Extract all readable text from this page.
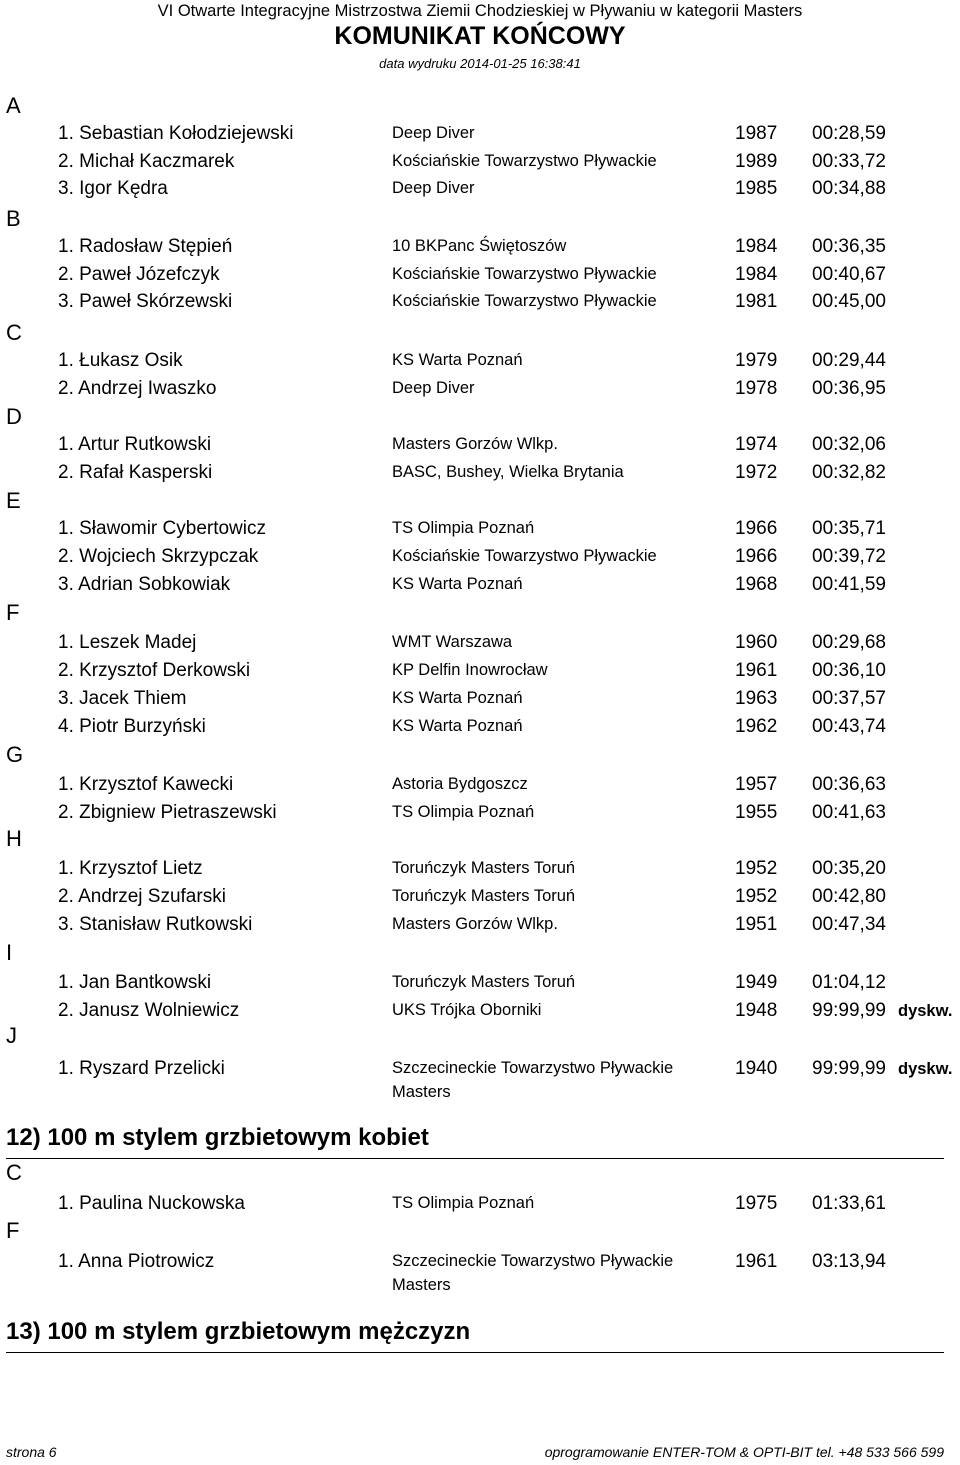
VI Otwarte Integracyjne Mistrzostwa Ziemii Chodzieskiej w Pływaniu w kategorii Masters
KOMUNIKAT KOŃCOWY
data wydruku 2014-01-25 16:38:41
A
1. Sebastian Kołodziejewski	Deep Diver	1987 00:28,59
2. Michał Kaczmarek	Kościańskie Towarzystwo Pływackie	1989 00:33,72
3. Igor Kędra	Deep Diver	1985 00:34,88
B
1. Radosław Stępień	10 BKPanc Świętoszów	1984 00:36,35
2. Paweł Józefczyk	Kościańskie Towarzystwo Pływackie	1984 00:40,67
3. Paweł Skórzewski	Kościańskie Towarzystwo Pływackie	1981 00:45,00
C
1. Łukasz Osik	KS Warta Poznań	1979 00:29,44
2. Andrzej Iwaszko	Deep Diver	1978 00:36,95
D
1. Artur Rutkowski	Masters Gorzów Wlkp.	1974 00:32,06
2. Rafał Kasperski	BASC, Bushey, Wielka Brytania	1972 00:32,82
E
1. Sławomir Cybertowicz	TS Olimpia Poznań	1966 00:35,71
2. Wojciech Skrzypczak	Kościańskie Towarzystwo Pływackie	1966 00:39,72
3. Adrian Sobkowiak	KS Warta Poznań	1968 00:41,59
F
1. Leszek Madej	WMT Warszawa	1960 00:29,68
2. Krzysztof Derkowski	KP Delfin Inowrocław	1961 00:36,10
3. Jacek Thiem	KS Warta Poznań	1963 00:37,57
4. Piotr Burzyński	KS Warta Poznań	1962 00:43,74
G
1. Krzysztof Kawecki	Astoria Bydgoszcz	1957 00:36,63
2. Zbigniew Pietraszewski	TS Olimpia Poznań	1955 00:41,63
H
1. Krzysztof Lietz	Toruńczyk Masters Toruń	1952 00:35,20
2. Andrzej Szufarski	Toruńczyk Masters Toruń	1952 00:42,80
3. Stanisław Rutkowski	Masters Gorzów Wlkp.	1951 00:47,34
I
1. Jan Bantkowski	Toruńczyk Masters Toruń	1949 01:04,12
2. Janusz Wolniewicz	UKS Trójka Oborniki	1948 99:99,99 dyskw.
J
1. Ryszard Przelicki	Szczecineckie Towarzystwo Pływackie
Masters
1940 99:99,99 dyskw.
12) 100 m stylem grzbietowym kobiet
C
1. Paulina Nuckowska	TS Olimpia Poznań	1975 01:33,61
F
1. Anna Piotrowicz	Szczecineckie Towarzystwo Pływackie
Masters
1961 03:13,94
13) 100 m stylem grzbietowym mężczyzn
strona 6	oprogramowanie ENTER-TOM & OPTI-BIT tel. +48 533 566 599
